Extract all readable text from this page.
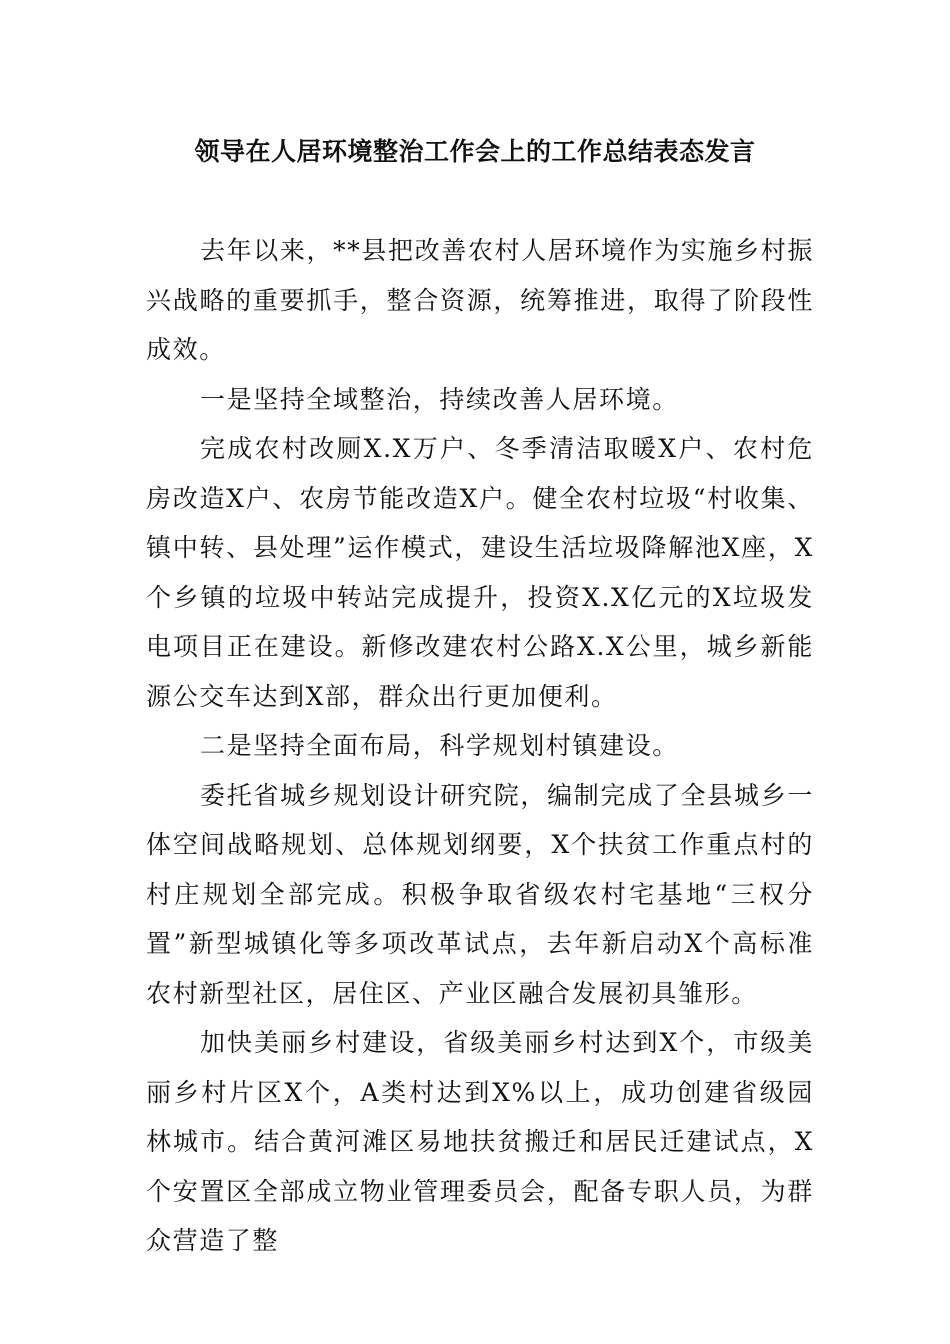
领导在人居环境整治工作会上的工作总结表态发言

去年以来，**县把改善农村人居环境作为实施乡村振兴战略的重要抓手，整合资源，统筹推进，取得了阶段性成效。

一是坚持全域整治，持续改善人居环境。

完成农村改厕X.X万户、冬季清洁取暖X户、农村危房改造X户、农房节能改造X户。健全农村垃圾“村收集、镇中转、县处理”运作模式，建设生活垃圾降解池X座，X个乡镇的垃圾中转站完成提升，投资X.X亿元的X垃圾发电项目正在建设。新修改建农村公路X.X公里，城乡新能源公交车达到X部，群众出行更加便利。

二是坚持全面布局，科学规划村镇建设。

委托省城乡规划设计研究院，编制完成了全县城乡一体空间战略规划、总体规划纲要，X个扶贫工作重点村的村庄规划全部完成。积极争取省级农村宅基地“三权分置”新型城镇化等多项改革试点，去年新启动X个高标准农村新型社区，居住区、产业区融合发展初具雏形。

加快美丽乡村建设，省级美丽乡村达到X个，市级美丽乡村片区X个，A类村达到X%以上，成功创建省级园林城市。结合黄河滩区易地扶贫搬迁和居民迁建试点，X个安置区全部成立物业管理委员会，配备专职人员，为群众营造了整
